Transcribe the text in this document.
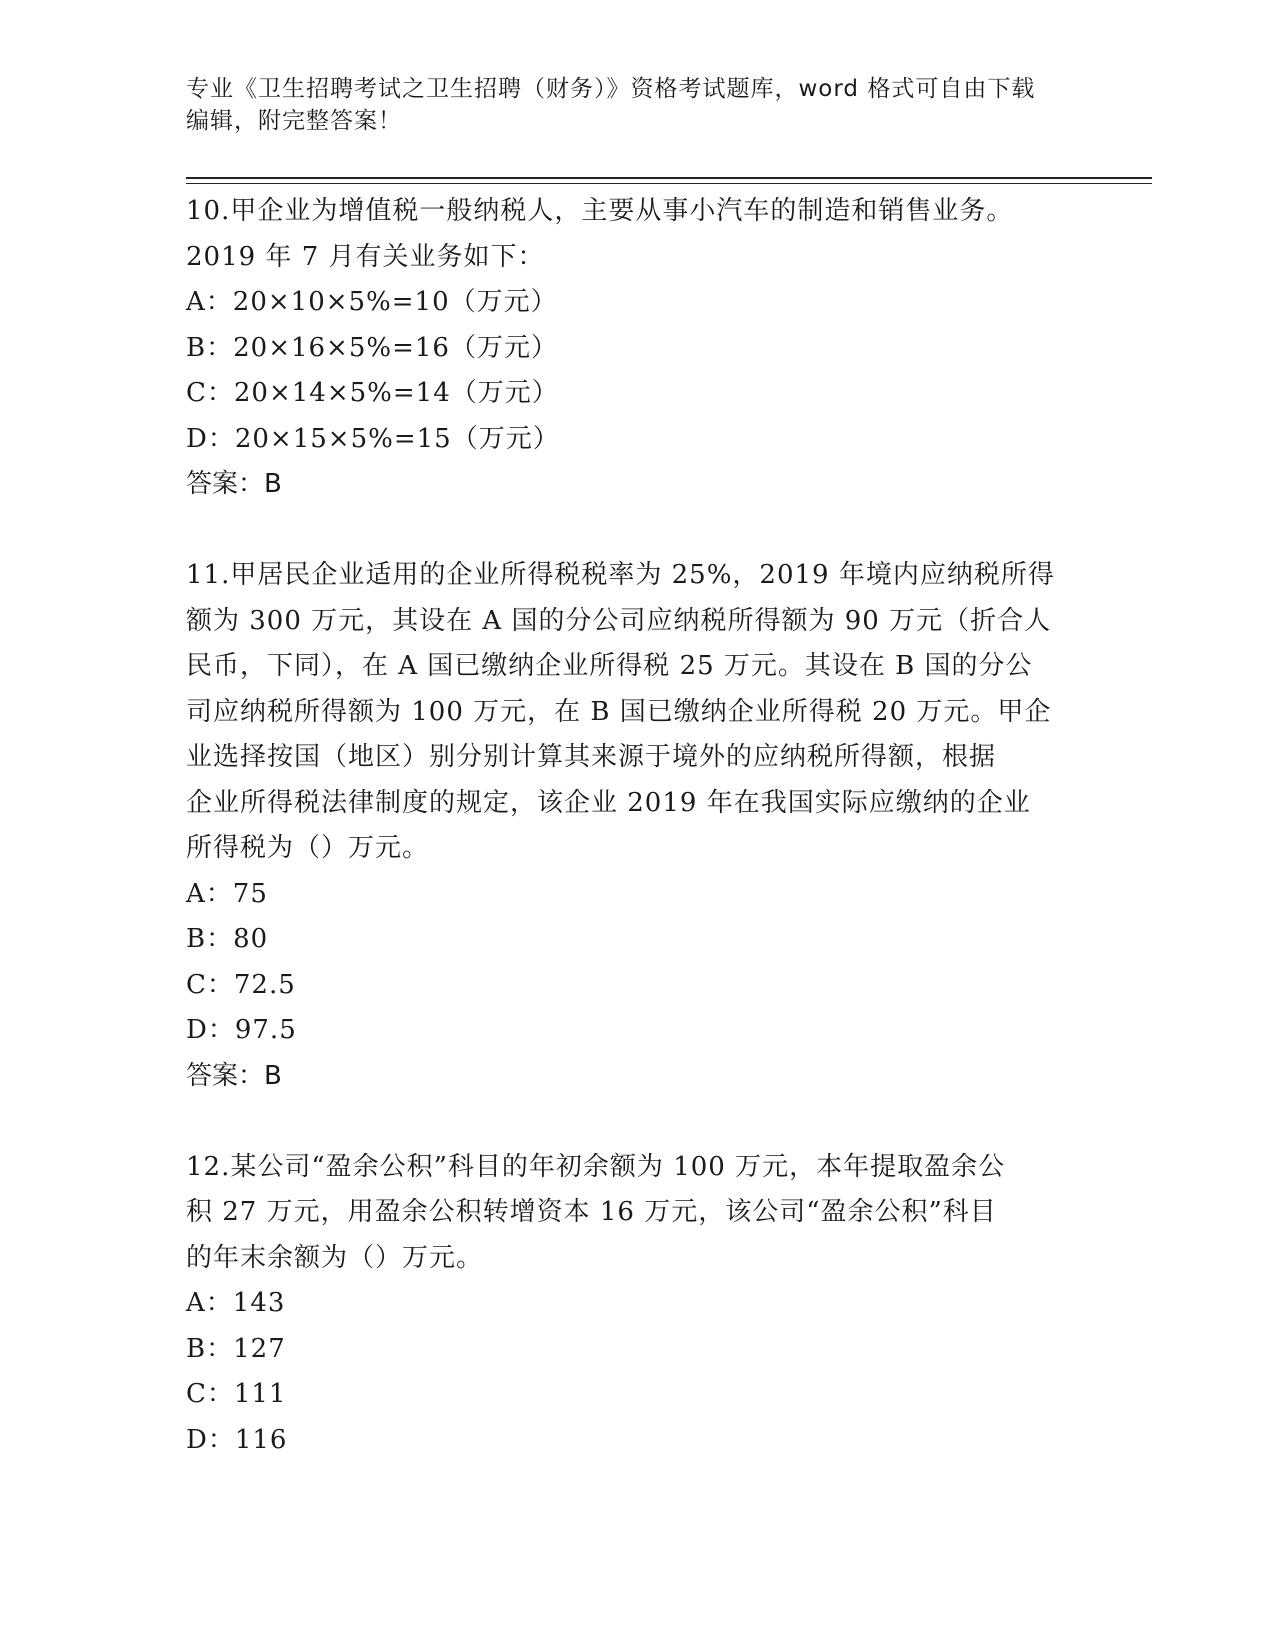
专业《卫生招聘考试之卫生招聘（财务）》资格考试题库，word 格式可自由下载
编辑，附完整答案！
10.甲企业为增值税一般纳税人，主要从事小汽车的制造和销售业务。
2019 年 7 月有关业务如下：
A：20×10×5%=10（万元）
B：20×16×5%=16（万元）
C：20×14×5%=14（万元）
D：20×15×5%=15（万元）
答案：B
11.甲居民企业适用的企业所得税税率为 25%，2019 年境内应纳税所得
额为 300 万元，其设在 A 国的分公司应纳税所得额为 90 万元（折合人
民币，下同），在 A 国已缴纳企业所得税 25 万元。其设在 B 国的分公
司应纳税所得额为 100 万元，在 B 国已缴纳企业所得税 20 万元。甲企
业选择按国（地区）别分别计算其来源于境外的应纳税所得额，根据
企业所得税法律制度的规定，该企业 2019 年在我国实际应缴纳的企业
所得税为（）万元。
A：75
B：80
C：72.5
D：97.5
答案：B
12.某公司“盈余公积”科目的年初余额为 100 万元，本年提取盈余公
积 27 万元，用盈余公积转增资本 16 万元，该公司“盈余公积”科目
的年末余额为（）万元。
A：143
B：127
C：111
D：116
